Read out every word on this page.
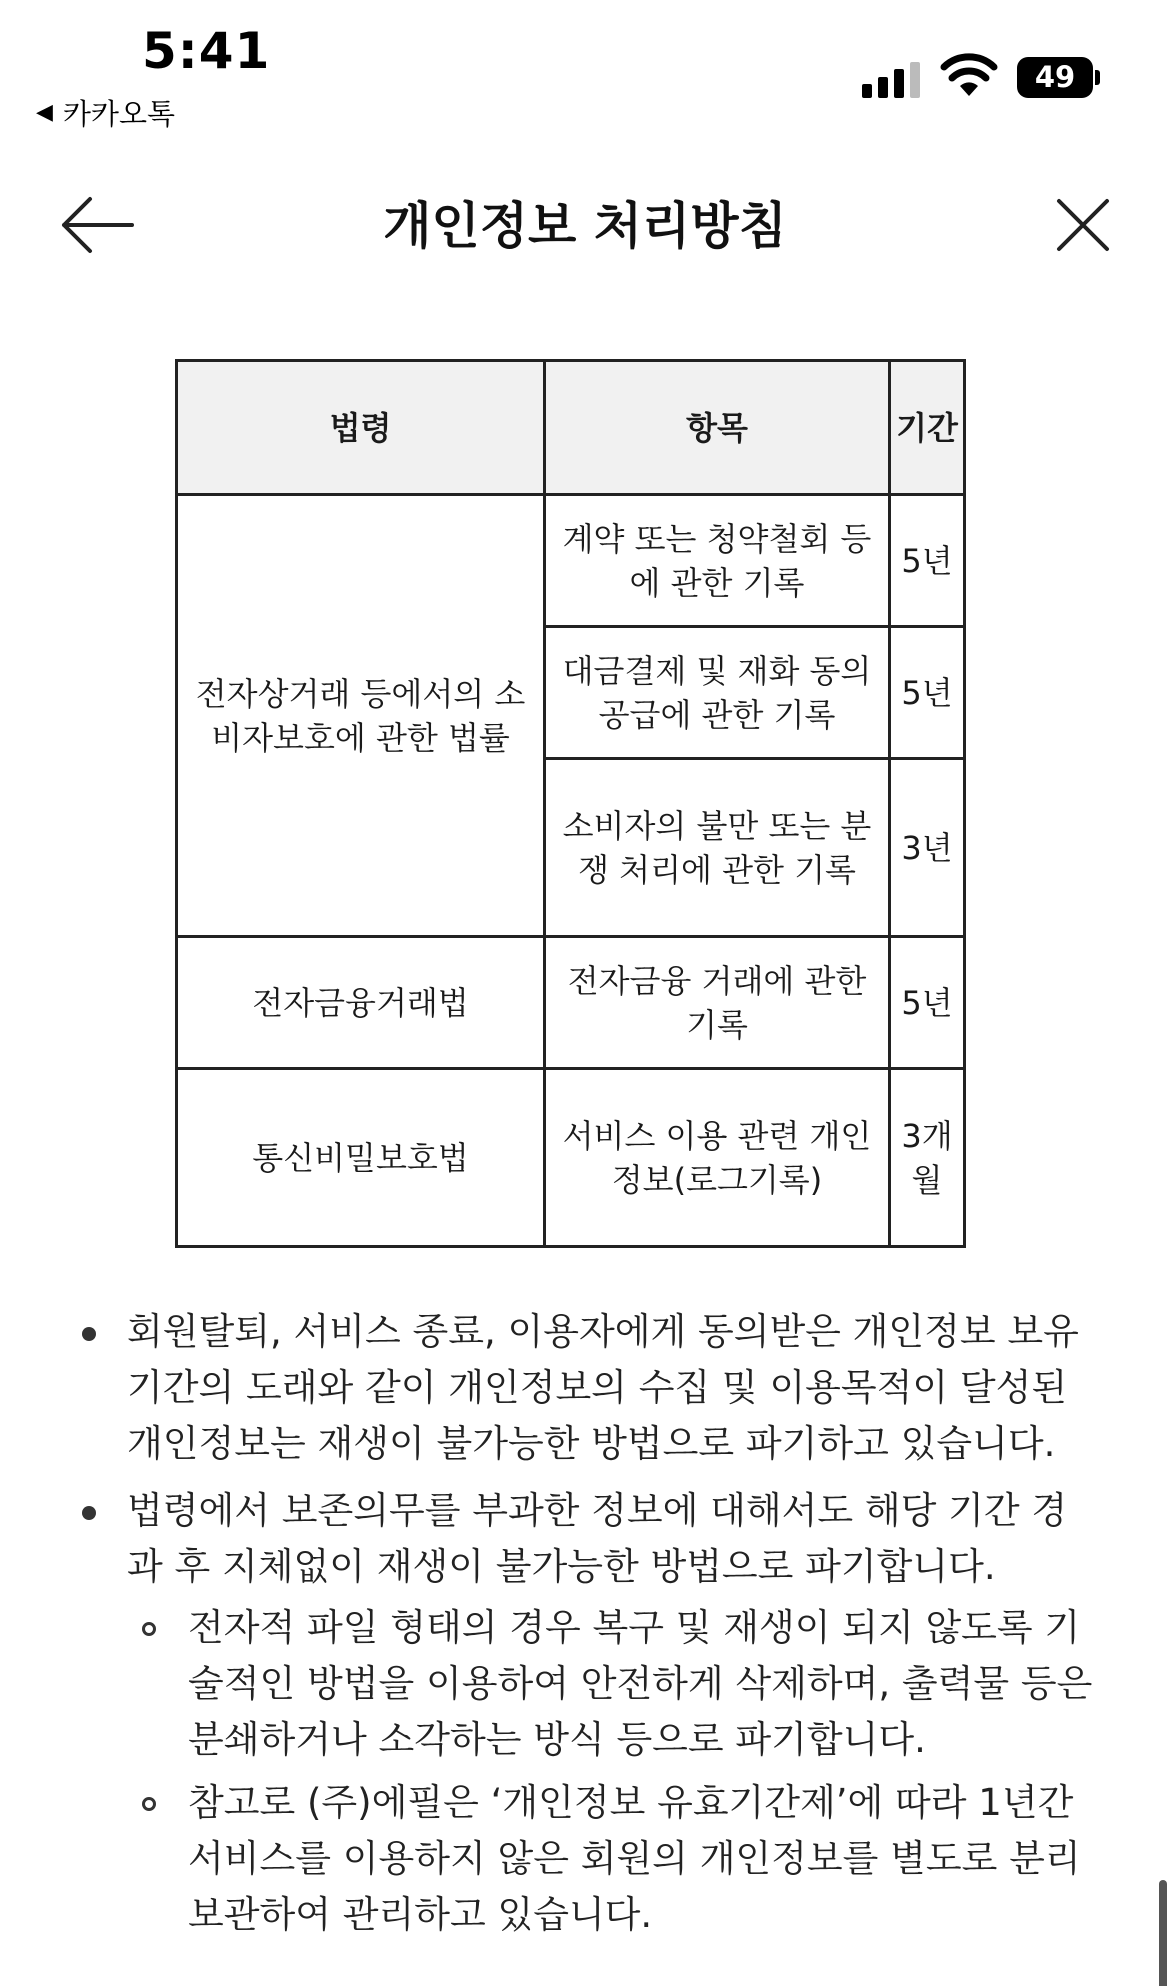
5:41
◀ 카카오톡
49
개인정보 처리방침
법령	항목	기간
전자상거래 등에서의 소비자보호에 관한 법률	계약 또는 청약철회 등에 관한 기록	5년
	대금결제 및 재화 동의 공급에 관한 기록	5년
	소비자의 불만 또는 분쟁 처리에 관한 기록	3년
전자금융거래법	전자금융 거래에 관한 기록	5년
통신비밀보호법	서비스 이용 관련 개인정보(로그기록)	3개월
회원탈퇴, 서비스 종료, 이용자에게 동의받은 개인정보 보유
기간의 도래와 같이 개인정보의 수집 및 이용목적이 달성된
개인정보는 재생이 불가능한 방법으로 파기하고 있습니다.
법령에서 보존의무를 부과한 정보에 대해서도 해당 기간 경
과 후 지체없이 재생이 불가능한 방법으로 파기합니다.
전자적 파일 형태의 경우 복구 및 재생이 되지 않도록 기
술적인 방법을 이용하여 안전하게 삭제하며, 출력물 등은
분쇄하거나 소각하는 방식 등으로 파기합니다.
참고로 (주)에필은 ‘개인정보 유효기간제’에 따라 1년간
서비스를 이용하지 않은 회원의 개인정보를 별도로 분리
보관하여 관리하고 있습니다.
